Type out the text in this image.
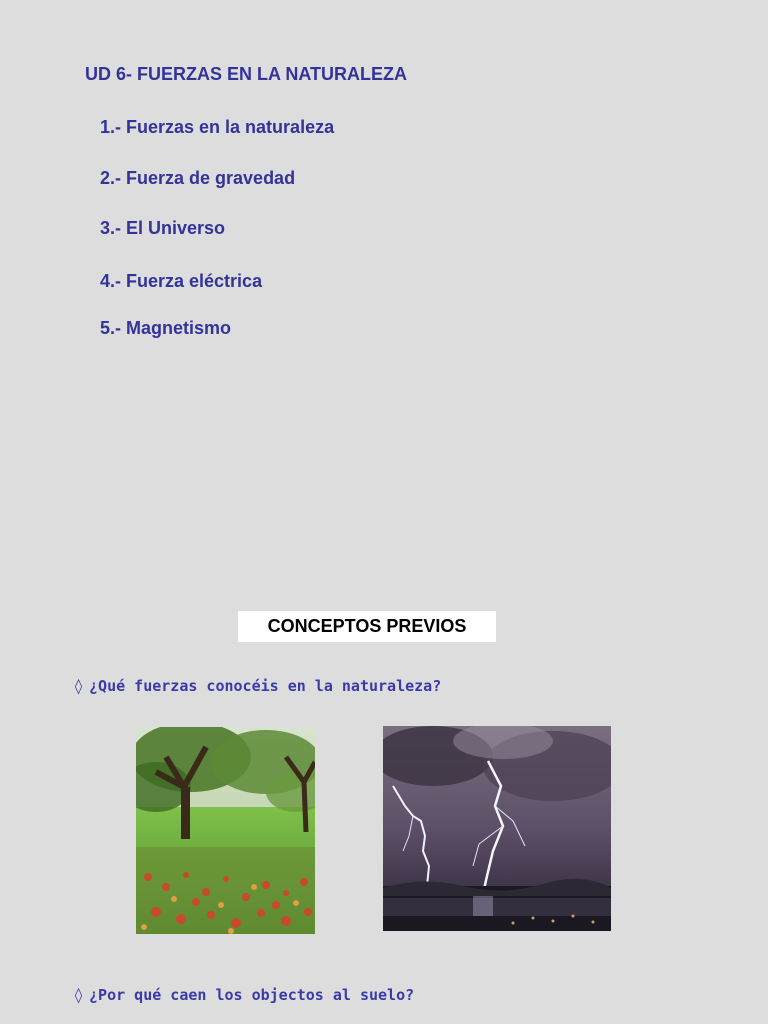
UD 6- FUERZAS EN LA NATURALEZA
1.- Fuerzas en la naturaleza
2.- Fuerza de gravedad
3.- El Universo
4.- Fuerza eléctrica
5.- Magnetismo
CONCEPTOS PREVIOS
◊ ¿Qué fuerzas conocéis en la naturaleza?
◊ ¿Por qué caen los objectos al suelo?
